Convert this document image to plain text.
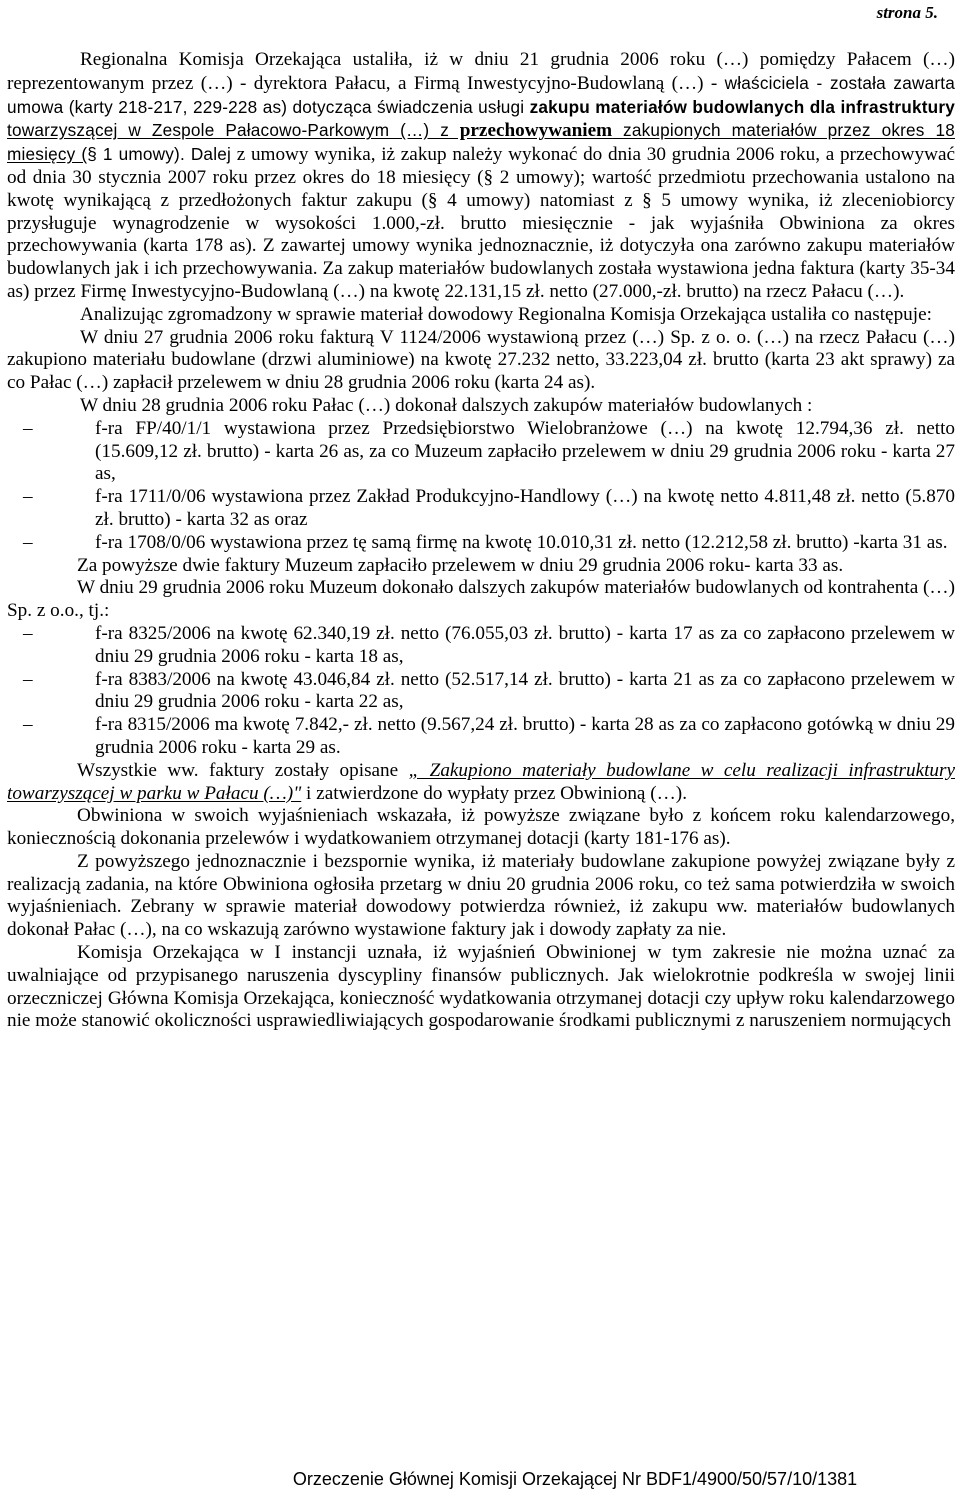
strona 5.

Regionalna Komisja Orzekająca ustaliła, iż w dniu 21 grudnia 2006 roku (…) pomiędzy Pałacem (…) reprezentowanym przez (…) - dyrektora Pałacu, a Firmą Inwestycyjno-Budowlaną (…) - właściciela - została zawarta umowa (karty 218-217, 229-228 as) dotycząca świadczenia usługi zakupu materiałów budowlanych dla infrastruktury towarzyszącej w Zespole Pałacowo-Parkowym (…) z przechowywaniem zakupionych materiałów przez okres 18 miesięcy (§ 1 umowy). Dalej z umowy wynika, iż zakup należy wykonać do dnia 30 grudnia 2006 roku, a przechowywać od dnia 30 stycznia 2007 roku przez okres do 18 miesięcy (§ 2 umowy); wartość przedmiotu przechowania ustalono na kwotę wynikającą z przedłożonych faktur zakupu (§ 4 umowy) natomiast z § 5 umowy wynika, iż zleceniobiorcy przysługuje wynagrodzenie w wysokości 1.000,-zł. brutto miesięcznie - jak wyjaśniła Obwiniona za okres przechowywania (karta 178 as). Z zawartej umowy wynika jednoznacznie, iż dotyczyła ona zarówno zakupu materiałów budowlanych jak i ich przechowywania. Za zakup materiałów budowlanych została wystawiona jedna faktura (karty 35-34 as) przez Firmę Inwestycyjno-Budowlaną (…) na kwotę 22.131,15 zł. netto (27.000,-zł. brutto) na rzecz Pałacu (…).

Analizując zgromadzony w sprawie materiał dowodowy Regionalna Komisja Orzekająca ustaliła co następuje:

W dniu 27 grudnia 2006 roku fakturą V 1124/2006 wystawioną przez (…) Sp. z o. o. (…) na rzecz Pałacu (…) zakupiono materiału budowlane (drzwi aluminiowe) na kwotę 27.232 netto, 33.223,04 zł. brutto (karta 23 akt sprawy) za co Pałac (…) zapłacił przelewem w dniu 28 grudnia 2006 roku (karta 24 as).

W dniu 28 grudnia 2006 roku Pałac (…) dokonał dalszych zakupów materiałów budowlanych :

–	f-ra FP/40/1/1 wystawiona przez Przedsiębiorstwo Wielobranżowe (…) na kwotę 12.794,36 zł. netto (15.609,12 zł. brutto) - karta 26 as, za co Muzeum zapłaciło przelewem w dniu 29 grudnia 2006 roku - karta 27 as,
–	f-ra 1711/0/06 wystawiona przez Zakład Produkcyjno-Handlowy (…) na kwotę netto 4.811,48 zł. netto (5.870 zł. brutto) - karta 32 as oraz
–	f-ra 1708/0/06 wystawiona przez tę samą firmę na kwotę 10.010,31 zł. netto (12.212,58 zł. brutto) -karta 31 as.

Za powyższe dwie faktury Muzeum zapłaciło przelewem w dniu 29 grudnia 2006 roku- karta 33 as.

W dniu 29 grudnia 2006 roku Muzeum dokonało dalszych zakupów materiałów budowlanych od kontrahenta (…) Sp. z o.o., tj.:

–	f-ra 8325/2006 na kwotę 62.340,19 zł. netto (76.055,03 zł. brutto) - karta 17 as za co zapłacono przelewem w dniu 29 grudnia 2006 roku - karta 18 as,
–	f-ra 8383/2006 na kwotę 43.046,84 zł. netto (52.517,14 zł. brutto) - karta 21 as za co zapłacono przelewem w dniu 29 grudnia 2006 roku - karta 22 as,
–	f-ra 8315/2006 ma kwotę 7.842,- zł. netto (9.567,24 zł. brutto) - karta 28 as za co zapłacono gotówką w dniu 29 grudnia 2006 roku - karta 29 as.

Wszystkie ww. faktury zostały opisane „ Zakupiono materiały budowlane w celu realizacji infrastruktury towarzyszącej w parku w Pałacu (…)" i zatwierdzone do wypłaty przez Obwinioną (…).

Obwiniona w swoich wyjaśnieniach wskazała, iż powyższe związane było z końcem roku kalendarzowego, koniecznością dokonania przelewów i wydatkowaniem otrzymanej dotacji (karty 181-176 as).

Z powyższego jednoznacznie i bezspornie wynika, iż materiały budowlane zakupione powyżej związane były z realizacją zadania, na które Obwiniona ogłosiła przetarg w dniu 20 grudnia 2006 roku, co też sama potwierdziła w swoich wyjaśnieniach. Zebrany w sprawie materiał dowodowy potwierdza również, iż zakupu ww. materiałów budowlanych dokonał Pałac (…), na co wskazują zarówno wystawione faktury jak i dowody zapłaty za nie.

Komisja Orzekająca w I instancji uznała, iż wyjaśnień Obwinionej w tym zakresie nie można uznać za uwalniające od przypisanego naruszenia dyscypliny finansów publicznych. Jak wielokrotnie podkreśla w swojej linii orzeczniczej Główna Komisja Orzekająca, konieczność wydatkowania otrzymanej dotacji czy upływ roku kalendarzowego nie może stanowić okoliczności usprawiedliwiających gospodarowanie środkami publicznymi z naruszeniem normujących

Orzeczenie Głównej Komisji Orzekającej Nr BDF1/4900/50/57/10/1381
